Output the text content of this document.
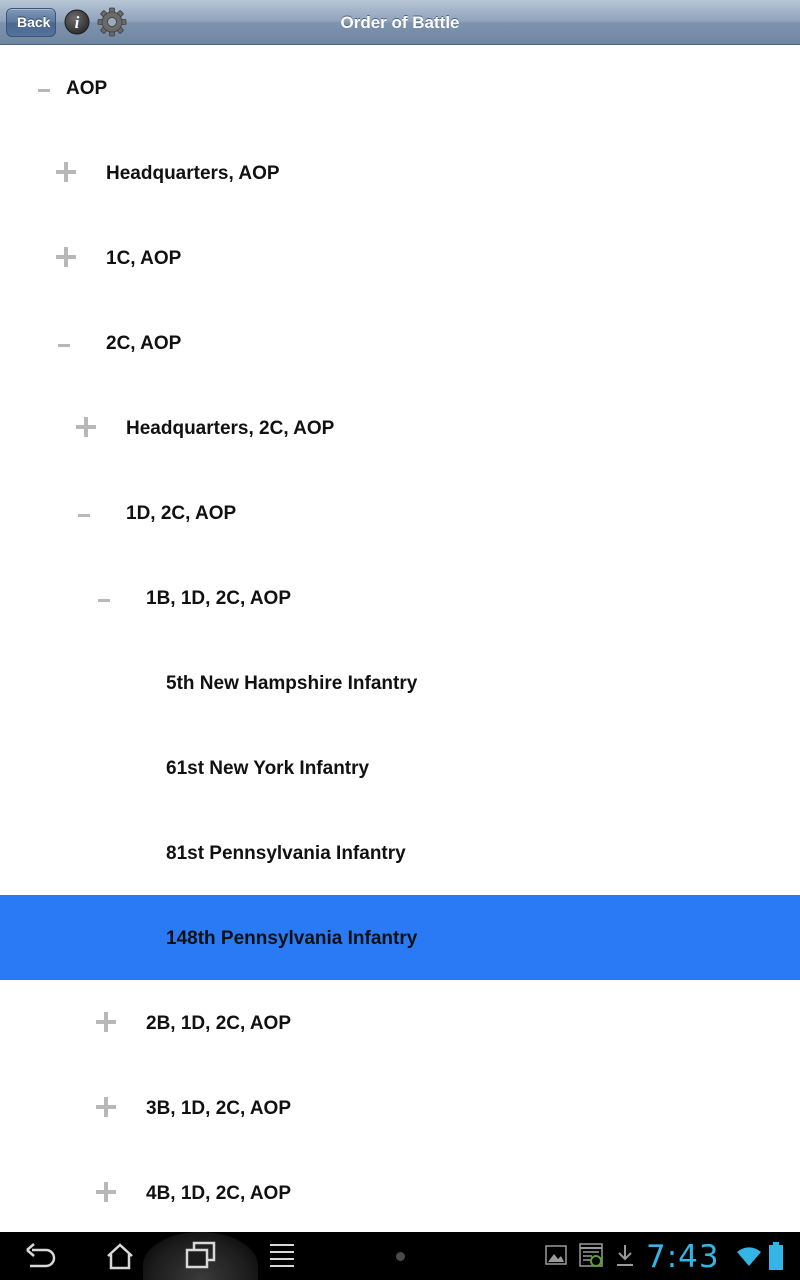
Back	i	Order of Battle
AOP
Headquarters, AOP
1C, AOP
2C, AOP
Headquarters, 2C, AOP
1D, 2C, AOP
1B, 1D, 2C, AOP
5th New Hampshire Infantry
61st New York Infantry
81st Pennsylvania Infantry
148th Pennsylvania Infantry
2B, 1D, 2C, AOP
3B, 1D, 2C, AOP
4B, 1D, 2C, AOP
7:43
